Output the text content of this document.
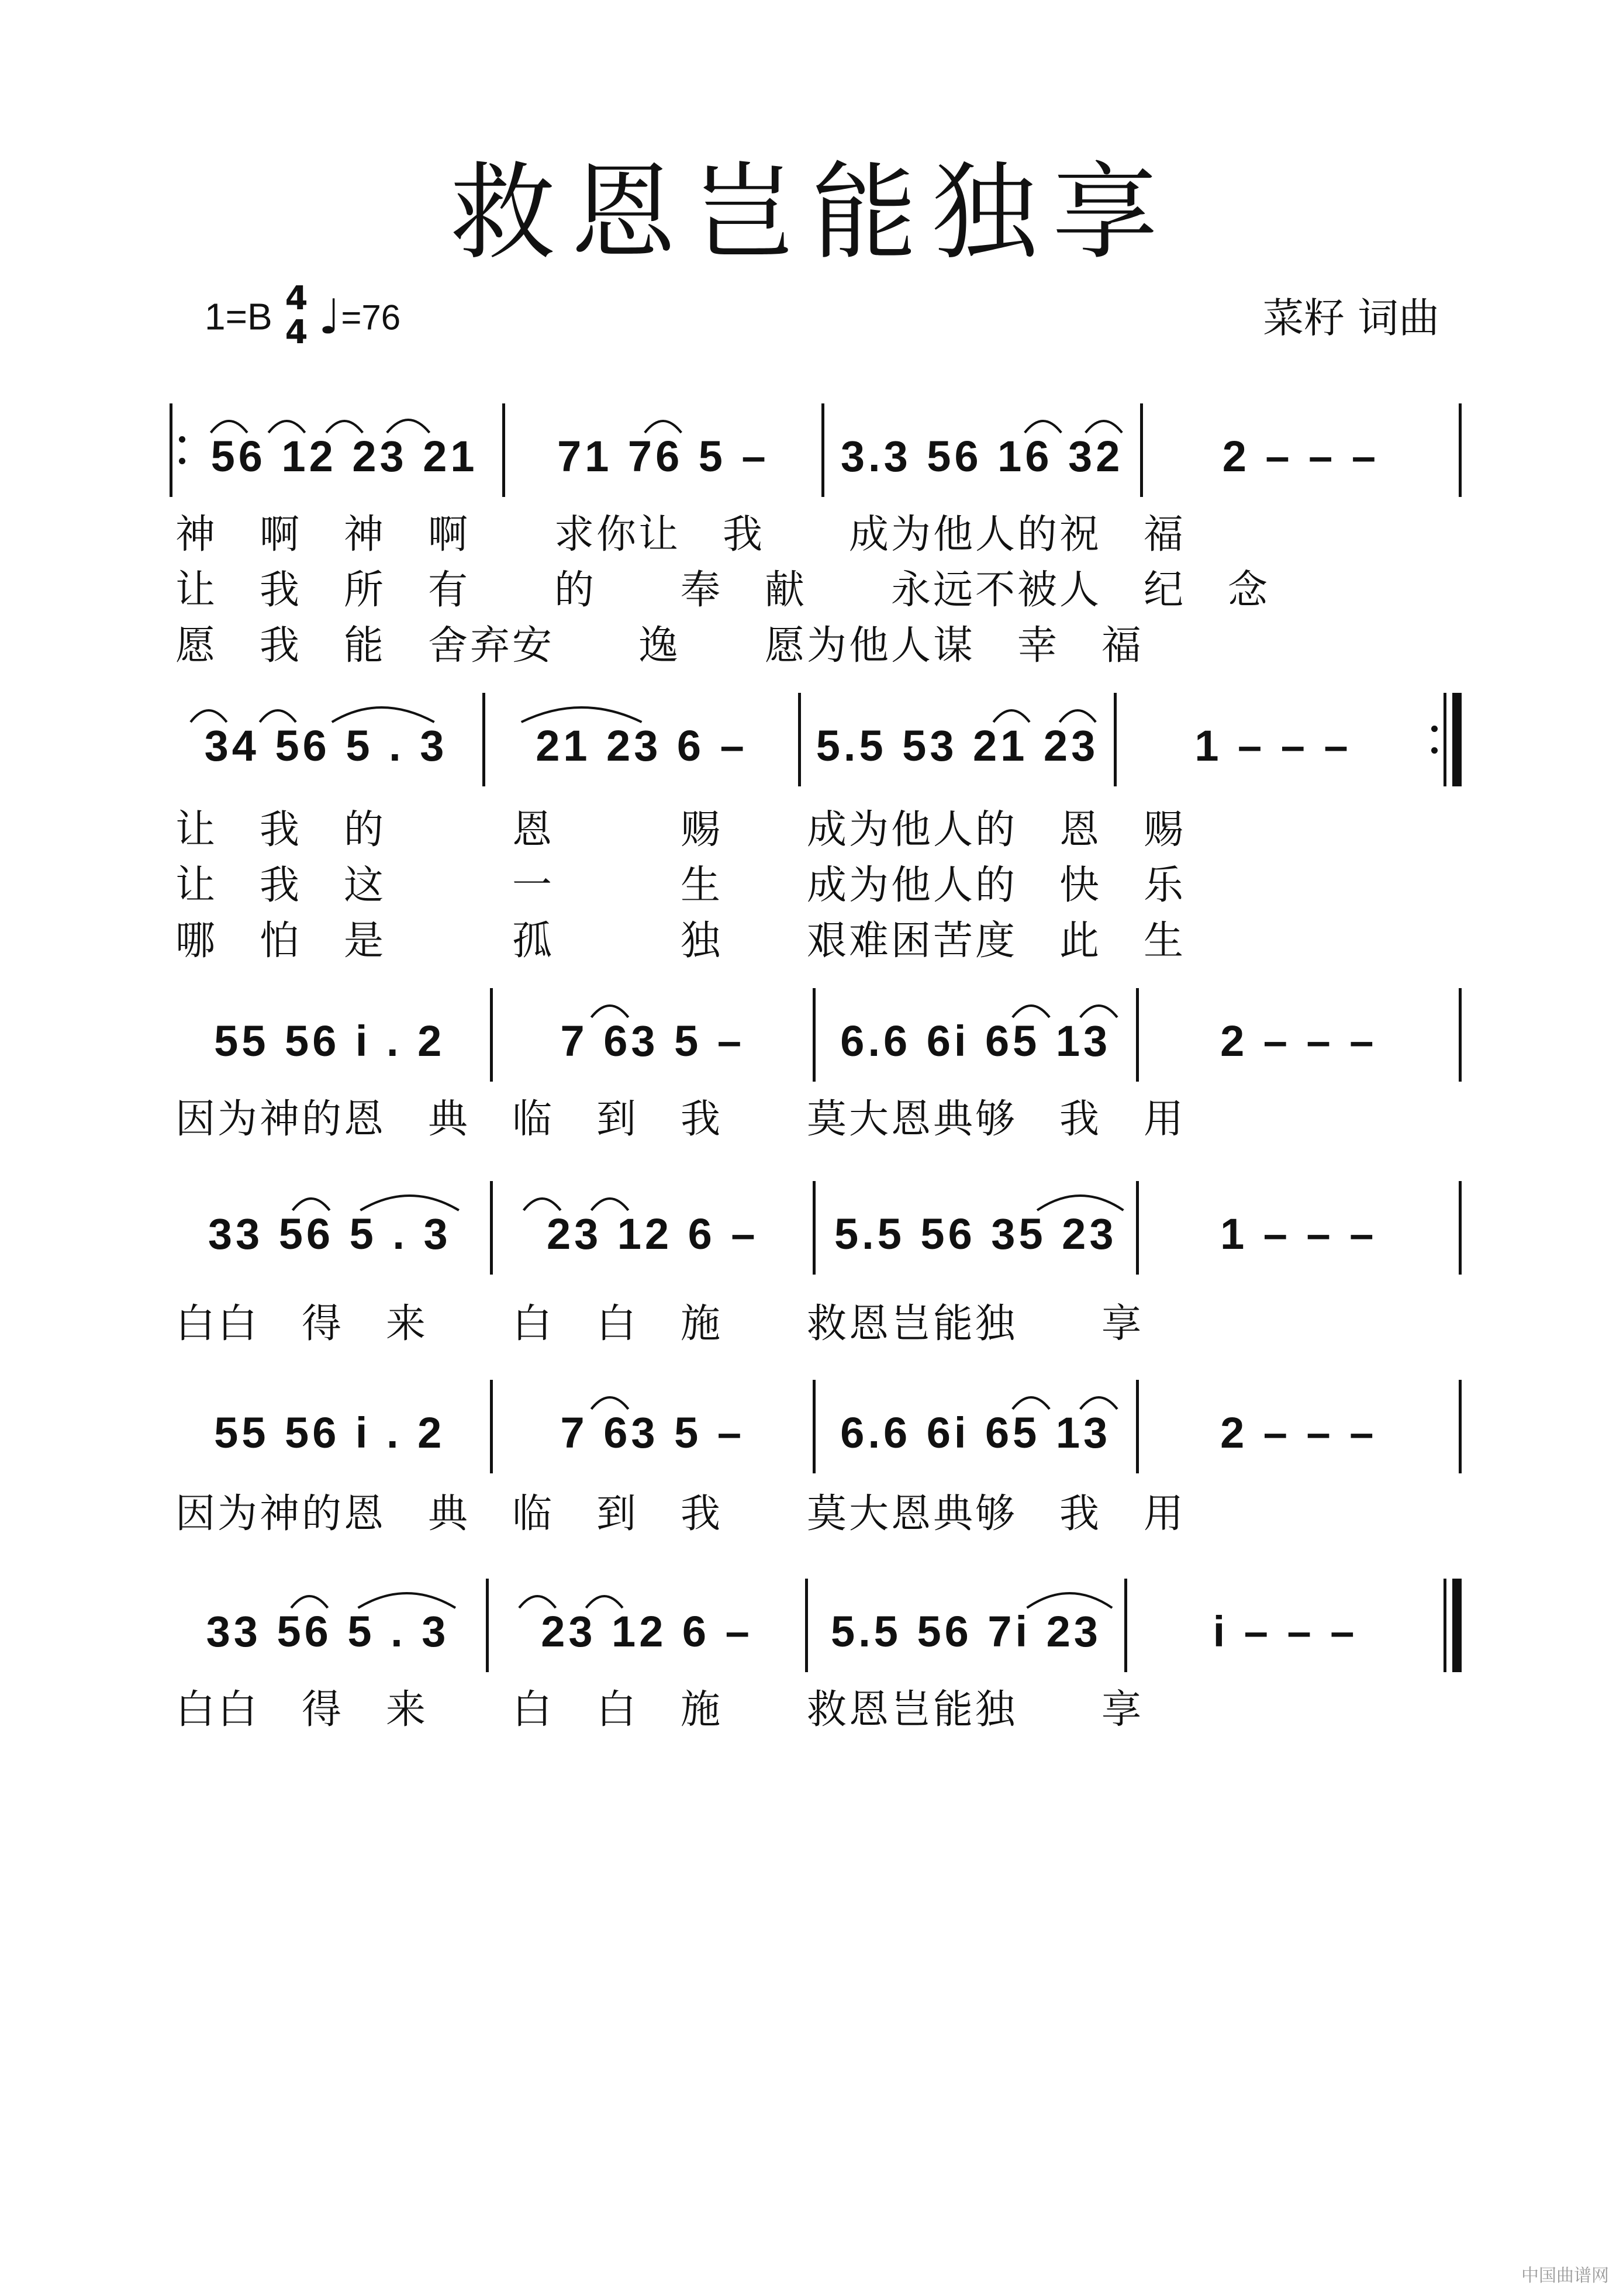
救恩岂能独享
1=B 4
4 ♩=76	菜籽 词曲
56 12 23 21 71 76 5 – 3.3 56 16 32 2 – – –
神　啊　神　啊　　求你让　我　　成为他人的祝　福
让　我　所　有　　的　　奉　献　　永远不被人　纪　念
愿　我　能　舍弃安　　逸　　愿为他人谋　幸　福
34 56 5 . 3 21 23 6 – 5.5 53 21 23 1 – – –
让　我　的　　　恩　　　赐　　成为他人的　恩　赐
让　我　这　　　一　　　生　　成为他人的　快　乐
哪　怕　是　　　孤　　　独　　艰难困苦度　此　生
55 56 i . 2	7 63 5 – 6.6 6i 65 13	2 – – –
因为神的恩　典　临　到　我　　莫大恩典够　我　用
33 56 5 . 3 23 12 6 – 5.5 56 35 23 1 – – –
白白　得　来　　白　白　施　　救恩岂能独　　享
55 56 i . 2	7 63 5 – 6.6 6i 65 13	2 – – –
因为神的恩　典　临　到　我　　莫大恩典够　我　用
33 56 5 . 3 23 12 6 – 5.5 56 7i 23	i – – –
白白　得　来　　白　白　施　　救恩岂能独　　享
中国曲谱网
